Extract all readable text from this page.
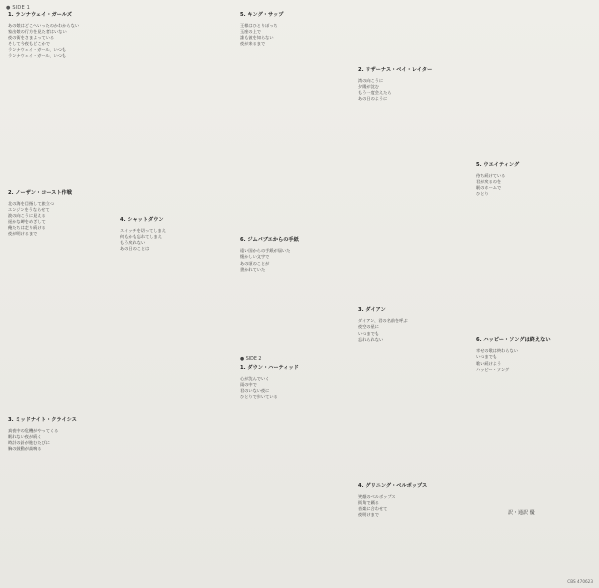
● SIDE 1
1. ランナウェイ・ガールズ
あの娘はどこへいったのかわからない
家出娘の行方を見た者はいない
夜の街をさまよっている
そして今夜もどこかで
ランナウェイ・ガール、いつも
ランナウェイ・ガール、いつも
2. ノーザン・コースト作戦
北の海を目指して旅立つ
エンジンをうならせて
波の向こうに見える
遥かな岬をめざして
俺たちは走り続ける
夜が明けるまで
3. ミッドナイト・クライシス
真夜中の危機がやってくる
眠れない夜が続く
時計の針が進むたびに
胸の鼓動が高鳴る
4. シャットダウン
スイッチを切ってしまえ
何もかも忘れてしまえ
もう戻れない
あの日のことは
5. キング・サップ
王様はひとりぼっち
玉座の上で
誰も彼を知らない
夜が来るまで
6. ジムバブエからの手紙
遠い国からの手紙が届いた
懐かしい文字で
あの頃のことが
書かれていた
● SIDE 2
1. ダウン・ハーティッド
心が沈んでいく
雨の中で
君のいない夜に
ひとりで歩いている
2. リザーナス・ベイ・レイター
湾の向こうに
夕陽が沈む
もう一度会えたら
あの日のように
3. ダイアン
ダイアン、君の名前を呼ぶ
夜空の星に
いつまでも
忘れられない
4. グリニング・ベルボップス
笑顔のベルボップス
街角で踊る
音楽に合わせて
夜明けまで
5. ウエイティング
待ち続けている
君が戻るのを
駅のホームで
ひとり
6. ハッピー・ソングは終えない
幸せの歌は終わらない
いつまでも
歌い続けよう
ハッピー・ソング
訳・通訳 優
CBS 470623
